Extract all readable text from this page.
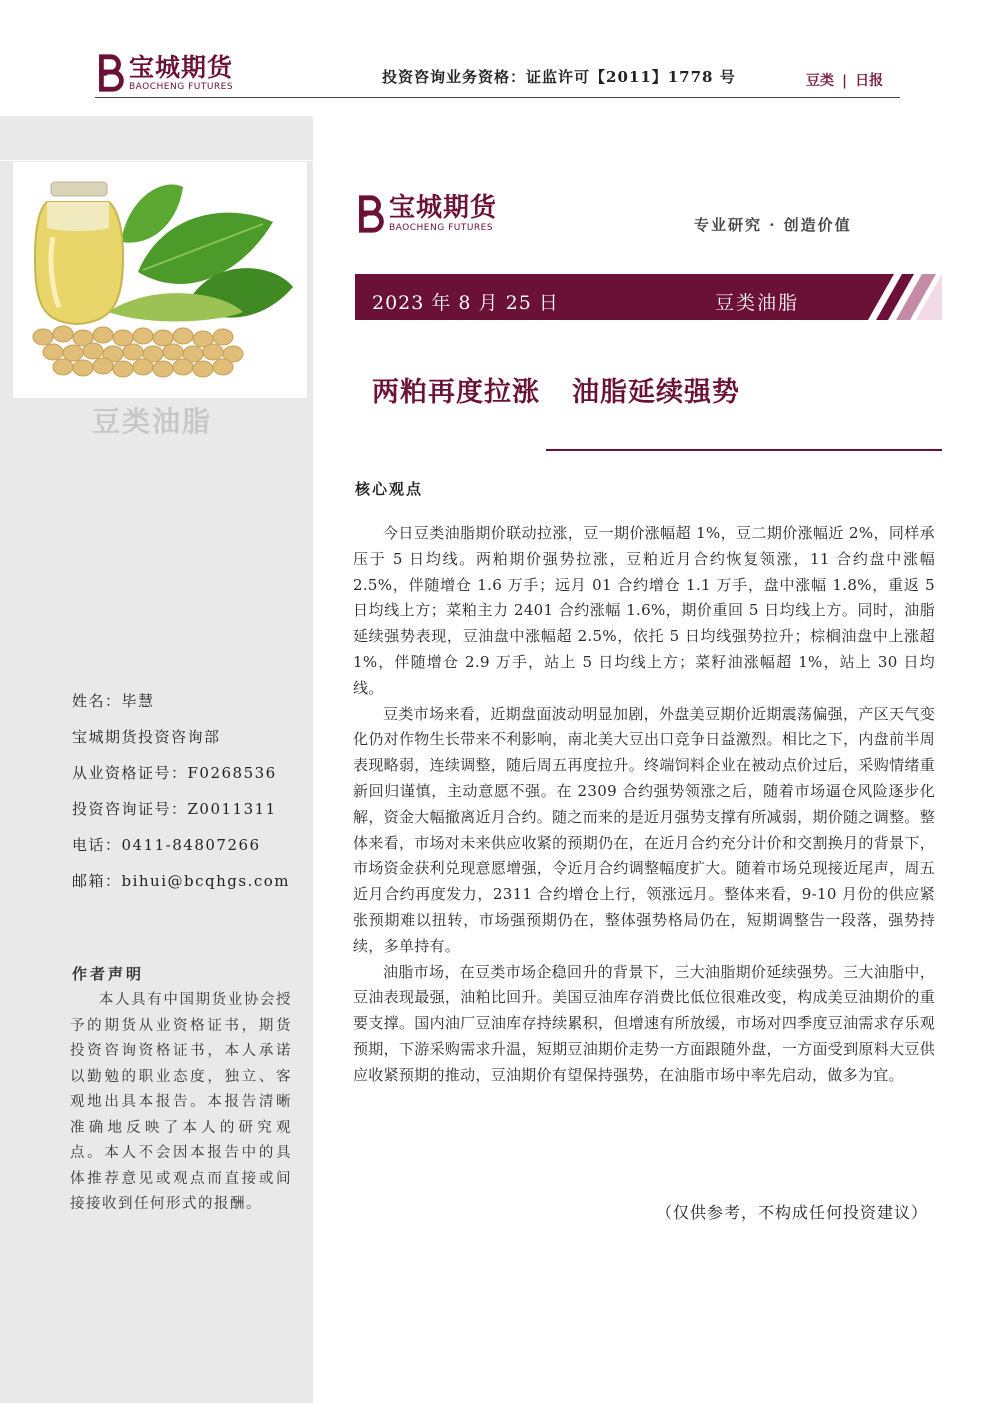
宝城期货
BAOCHENG FUTURES
投资咨询业务资格：证监许可【2011】1778 号	豆类 | 日报
豆类油脂
姓名：毕慧
宝城期货投资咨询部
从业资格证号：F0268536
投资咨询证号：Z0011311
电话：0411-84807266
邮箱：bihui@bcqhgs.com
作者声明
本人具有中国期货业协会授予的期货从业资格证书，期货投资咨询资格证书，本人承诺以勤勉的职业态度，独立、客观地出具本报告。本报告清晰准确地反映了本人的研究观点。本人不会因本报告中的具体推荐意见或观点而直接或间接接收到任何形式的报酬。
宝城期货
BAOCHENG FUTURES	专业研究 · 创造价值
2023 年 8 月 25 日	豆类油脂
两粕再度拉涨 油脂延续强势
核心观点

今日豆类油脂期价联动拉涨，豆一期价涨幅超 1%，豆二期价涨幅近 2%，同样承压于 5 日均线。两粕期价强势拉涨，豆粕近月合约恢复领涨，11 合约盘中涨幅 2.5%，伴随增仓 1.6 万手；远月 01 合约增仓 1.1 万手，盘中涨幅 1.8%，重返 5 日均线上方；菜粕主力 2401 合约涨幅 1.6%，期价重回 5 日均线上方。同时，油脂延续强势表现，豆油盘中涨幅超 2.5%，依托 5 日均线强势拉升；棕榈油盘中上涨超 1%，伴随增仓 2.9 万手，站上 5 日均线上方；菜籽油涨幅超 1%，站上 30 日均线。

豆类市场来看，近期盘面波动明显加剧，外盘美豆期价近期震荡偏强，产区天气变化仍对作物生长带来不利影响，南北美大豆出口竞争日益激烈。相比之下，内盘前半周表现略弱，连续调整，随后周五再度拉升。终端饲料企业在被动点价过后，采购情绪重新回归谨慎，主动意愿不强。在 2309 合约强势领涨之后，随着市场逼仓风险逐步化解，资金大幅撤离近月合约。随之而来的是近月强势支撑有所减弱，期价随之调整。整体来看，市场对未来供应收紧的预期仍在，在近月合约充分计价和交割换月的背景下，市场资金获利兑现意愿增强，令近月合约调整幅度扩大。随着市场兑现接近尾声，周五近月合约再度发力，2311 合约增仓上行，领涨远月。整体来看，9-10 月份的供应紧张预期难以扭转，市场强预期仍在，整体强势格局仍在，短期调整告一段落，强势持续，多单持有。

油脂市场，在豆类市场企稳回升的背景下，三大油脂期价延续强势。三大油脂中，豆油表现最强，油粕比回升。美国豆油库存消费比低位很难改变，构成美豆油期价的重要支撑。国内油厂豆油库存持续累积，但增速有所放缓，市场对四季度豆油需求存乐观预期，下游采购需求升温，短期豆油期价走势一方面跟随外盘，一方面受到原料大豆供应收紧预期的推动，豆油期价有望保持强势，在油脂市场中率先启动，做多为宜。

（仅供参考，不构成任何投资建议）
